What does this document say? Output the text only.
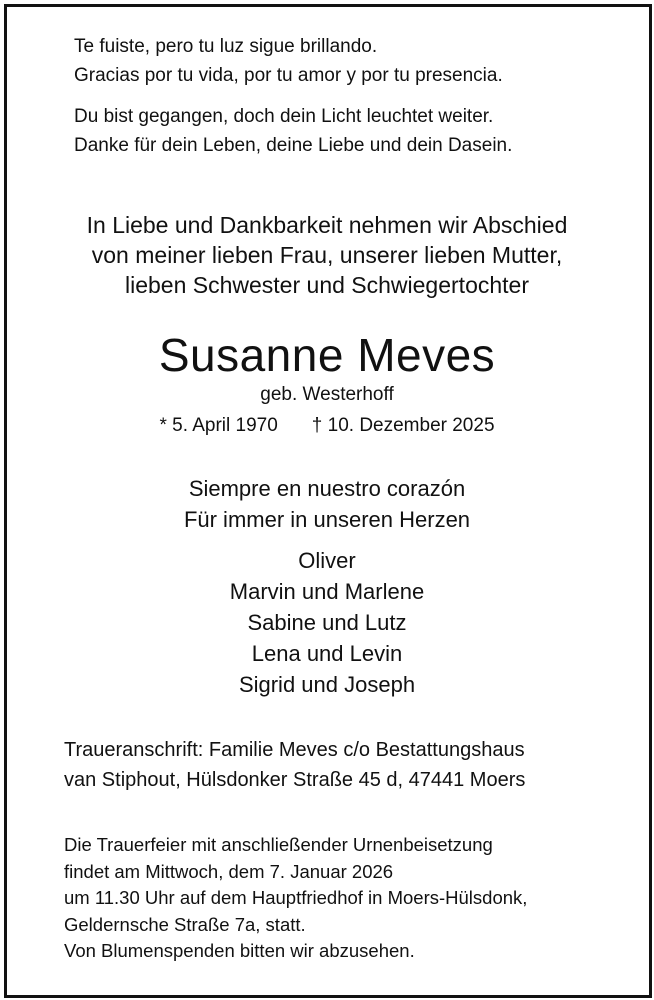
Te fuiste, pero tu luz sigue brillando.
Gracias por tu vida, por tu amor y por tu presencia.
Du bist gegangen, doch dein Licht leuchtet weiter.
Danke für dein Leben, deine Liebe und dein Dasein.
In Liebe und Dankbarkeit nehmen wir Abschied
von meiner lieben Frau, unserer lieben Mutter,
lieben Schwester und Schwiegertochter
Susanne Meves
geb. Westerhoff
* 5. April 1970 † 10. Dezember 2025
Siempre en nuestro corazón
Für immer in unseren Herzen
Oliver
Marvin und Marlene
Sabine und Lutz
Lena und Levin
Sigrid und Joseph
Traueranschrift: Familie Meves c/o Bestattungshaus
van Stiphout, Hülsdonker Straße 45 d, 47441 Moers
Die Trauerfeier mit anschließender Urnenbeisetzung
findet am Mittwoch, dem 7. Januar 2026
um 11.30 Uhr auf dem Hauptfriedhof in Moers-Hülsdonk,
Geldernsche Straße 7a, statt.
Von Blumenspenden bitten wir abzusehen.
